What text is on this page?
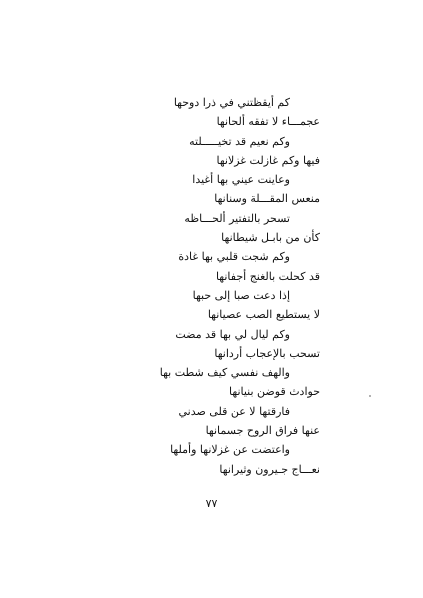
كم أيقظتني في ذرا دوحها
عجمـــاء لا تفقه ألحانها
وكم نعيم قد تخيـــــلته
فيها وكم غازلت غزلانها
وعاينت عيني بها أغيدا
منعس المقـــلة وسنانها
تسحر بالتفتير ألحـــاظه
كأن من بابـل شيطانها
وكم شجت قلبي بها غادة
قد كحلت بالغنج أجفانها
إذا دعت صبا إلى حبها
لا يستطيع الصب عصيانها
وكم ليال لي بها قد مضت
تسحب بالإعجاب أردانها
والهف نفسي كيف شطت بها
حوادث قوضن بنيانها
فارقتها لا عن قلى صدني
عنها فراق الروح جسمانها
واعتضت عن غزلانها وأملها
نعـــاج جـيرون وثيرانها
٧٧
